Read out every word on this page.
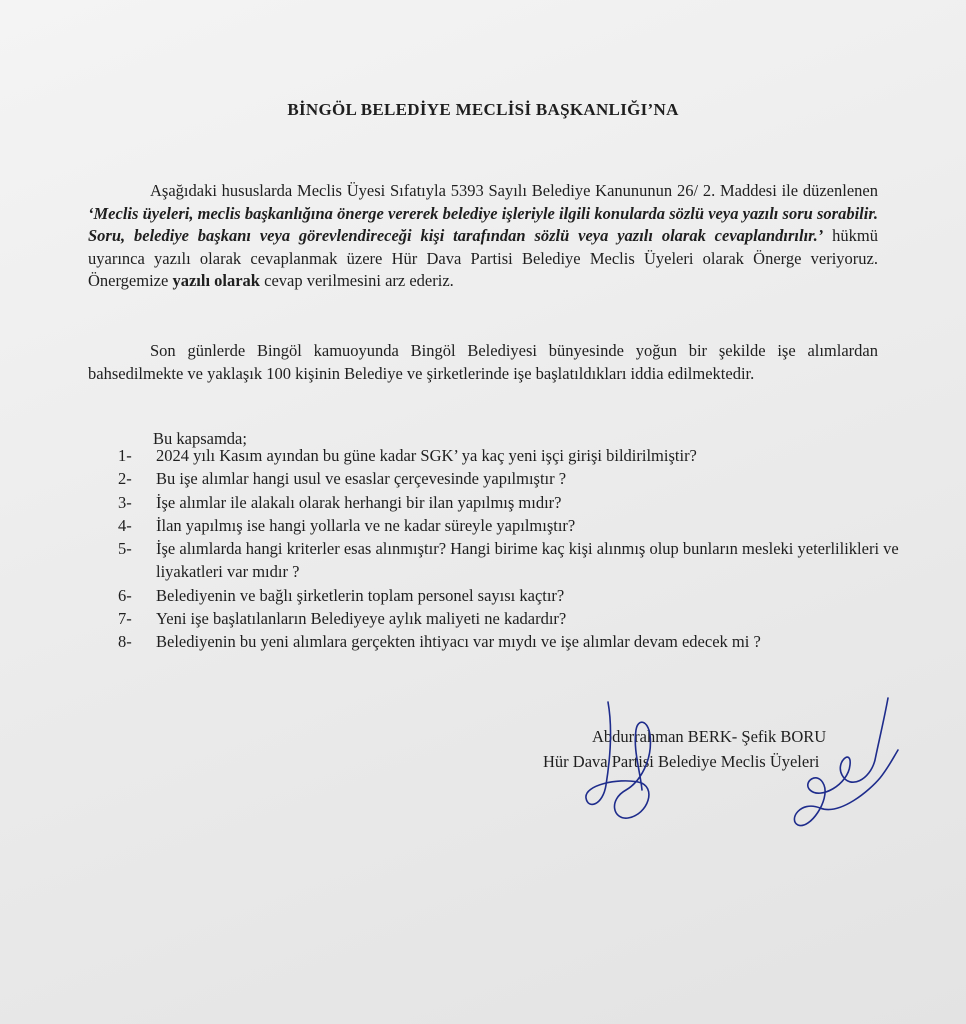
BİNGÖL BELEDİYE MECLİSİ BAŞKANLIĞI’NA
Aşağıdaki hususlarda Meclis Üyesi Sıfatıyla 5393 Sayılı Belediye Kanununun 26/ 2. Maddesi ile düzenlenen ‘Meclis üyeleri, meclis başkanlığına önerge vererek belediye işleriyle ilgili konularda sözlü veya yazılı soru sorabilir. Soru, belediye başkanı veya görevlendireceği kişi tarafından sözlü veya yazılı olarak cevaplandırılır.’ hükmü uyarınca yazılı olarak cevaplanmak üzere Hür Dava Partisi Belediye Meclis Üyeleri olarak Önerge veriyoruz. Önergemize yazılı olarak cevap verilmesini arz ederiz.
Son günlerde Bingöl kamuoyunda Bingöl Belediyesi bünyesinde yoğun bir şekilde işe alımlardan bahsedilmekte ve yaklaşık 100 kişinin Belediye ve şirketlerinde işe başlatıldıkları iddia edilmektedir.
Bu kapsamda;
1- 2024 yılı Kasım ayından bu güne kadar SGK’ ya kaç yeni işçi girişi bildirilmiştir?
2- Bu işe alımlar hangi usul ve esaslar çerçevesinde yapılmıştır ?
3- İşe alımlar ile alakalı olarak herhangi bir ilan yapılmış mıdır?
4- İlan yapılmış ise hangi yollarla ve ne kadar süreyle yapılmıştır?
5- İşe alımlarda hangi kriterler esas alınmıştır? Hangi birime kaç kişi alınmış olup bunların mesleki yeterlilikleri ve liyakatleri var mıdır ?
6- Belediyenin ve bağlı şirketlerin toplam personel sayısı kaçtır?
7- Yeni işe başlatılanların Belediyeye aylık maliyeti ne kadardır?
8- Belediyenin bu yeni alımlara gerçekten ihtiyacı var mıydı ve işe alımlar devam edecek mi ?
Abdurrahman BERK- Şefik BORU
Hür Dava Partisi Belediye Meclis Üyeleri
